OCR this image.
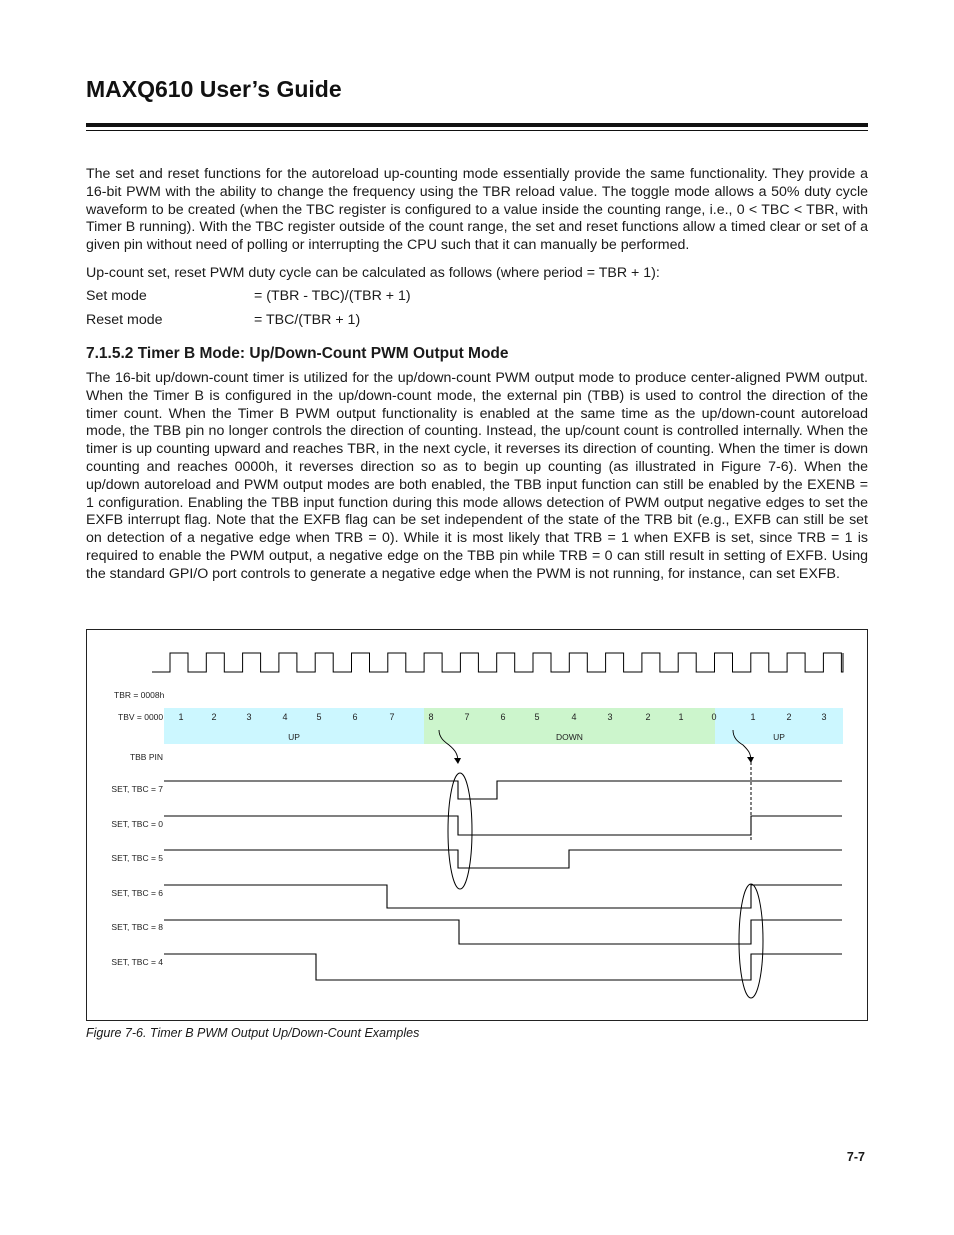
MAXQ610 User’s Guide

The set and reset functions for the autoreload up-counting mode essentially provide the same functionality. They provide a 16-bit PWM with the ability to change the frequency using the TBR reload value. The toggle mode allows a 50% duty cycle waveform to be created (when the TBC register is configured to a value inside the counting range, i.e., 0 < TBC < TBR, with Timer B running). With the TBC register outside of the count range, the set and reset functions allow a timed clear or set of a given pin without need of polling or interrupting the CPU such that it can manually be performed.

Up-count set, reset PWM duty cycle can be calculated as follows (where period = TBR + 1):

Set mode	= (TBR - TBC)/(TBR + 1)

Reset mode	= TBC/(TBR + 1)

7.1.5.2 Timer B Mode: Up/Down-Count PWM Output Mode

The 16-bit up/down-count timer is utilized for the up/down-count PWM output mode to produce center-aligned PWM output. When the Timer B is configured in the up/down-count mode, the external pin (TBB) is used to control the direction of the timer count. When the Timer B PWM output functionality is enabled at the same time as the up/down-count autoreload mode, the TBB pin no longer controls the direction of counting. Instead, the up/count count is controlled internally. When the timer is up counting upward and reaches TBR, in the next cycle, it reverses its direction of counting. When the timer is down counting and reaches 0000h, it reverses direction so as to begin up counting (as illustrated in Figure 7-6). When the up/down autoreload and PWM output modes are both enabled, the TBB input function can still be enabled by the EXENB = 1 configuration. Enabling the TBB input function during this mode allows detection of PWM output negative edges to set the EXFB interrupt flag. Note that the EXFB flag can be set independent of the state of the TRB bit (e.g., EXFB can still be set on detection of a negative edge when TRB = 0). While it is most likely that TRB = 1 when EXFB is set, since TRB = 1 is required to enable the PWM output, a negative edge on the TBB pin while TRB = 0 can still result in setting of EXFB. Using the standard GPI/O port controls to generate a negative edge when the PWM is not running, for instance, can set EXFB.

UP	DOWN	UP
TBR = 0008h
TBV = 0000 1	2	3	4	5	6	7	8	7	6	5	4	3	2	1	0	1	2	3
TBB PIN
SET, TBC = 7
SET, TBC = 0
SET, TBC = 5
SET, TBC = 6
SET, TBC = 8
SET, TBC = 4

Figure 7-6. Timer B PWM Output Up/Down-Count Examples

7-7
